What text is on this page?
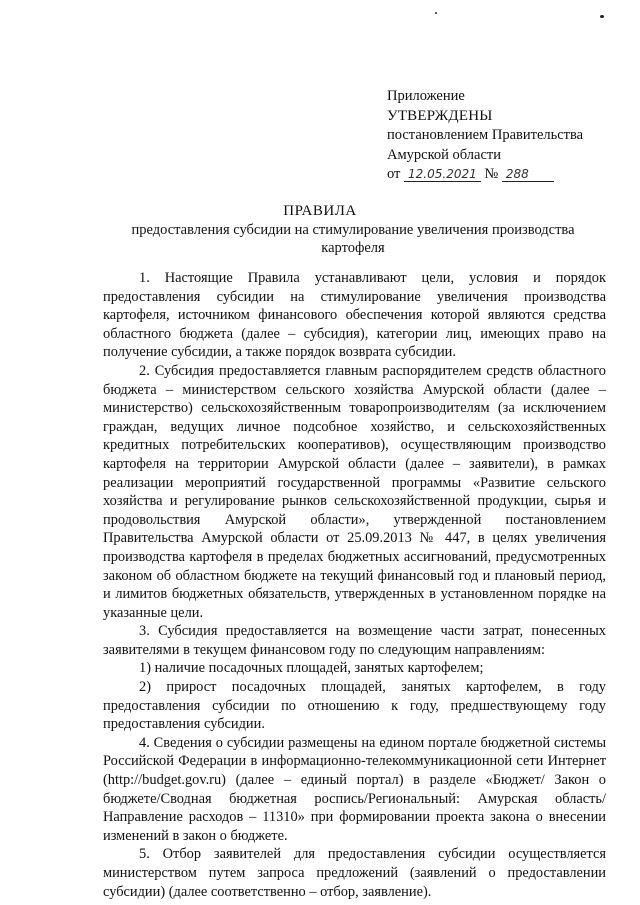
Приложение
УТВЕРЖДЕНЫ
постановлением Правительства
Амурской области
от 12.05.2021 № 288
ПРАВИЛА
предоставления субсидии на стимулирование увеличения производства картофеля

1. Настоящие Правила устанавливают цели, условия и порядок предоставления субсидии на стимулирование увеличения производства картофеля, источником финансового обеспечения которой являются средства областного бюджета (далее – субсидия), категории лиц, имеющих право на получение субсидии, а также порядок возврата субсидии.

2. Субсидия предоставляется главным распорядителем средств областного бюджета – министерством сельского хозяйства Амурской области (далее – министерство) сельскохозяйственным товаропроизводителям (за исключением граждан, ведущих личное подсобное хозяйство, и сельскохозяйственных кредитных потребительских кооперативов), осуществляющим производство картофеля на территории Амурской области (далее – заявители), в рамках реализации мероприятий государственной программы «Развитие сельского хозяйства и регулирование рынков сельскохозяйственной продукции, сырья и продовольствия Амурской области», утвержденной постановлением Правительства Амурской области от 25.09.2013 № 447, в целях увеличения производства картофеля в пределах бюджетных ассигнований, предусмотренных законом об областном бюджете на текущий финансовый год и плановый период, и лимитов бюджетных обязательств, утвержденных в установленном порядке на указанные цели.

3. Субсидия предоставляется на возмещение части затрат, понесенных заявителями в текущем финансовом году по следующим направлениям:

1) наличие посадочных площадей, занятых картофелем;

2) прирост посадочных площадей, занятых картофелем, в году предоставления субсидии по отношению к году, предшествующему году предоставления субсидии.

4. Сведения о субсидии размещены на едином портале бюджетной системы Российской Федерации в информационно-телекоммуникационной сети Интернет (http://budget.gov.ru) (далее – единый портал) в разделе «Бюджет/ Закон о бюджете/Сводная бюджетная роспись/Региональный: Амурская область/ Направление расходов – 11310» при формировании проекта закона о внесении изменений в закон о бюджете.

5. Отбор заявителей для предоставления субсидии осуществляется министерством путем запроса предложений (заявлений о предоставлении субсидии) (далее соответственно – отбор, заявление).
